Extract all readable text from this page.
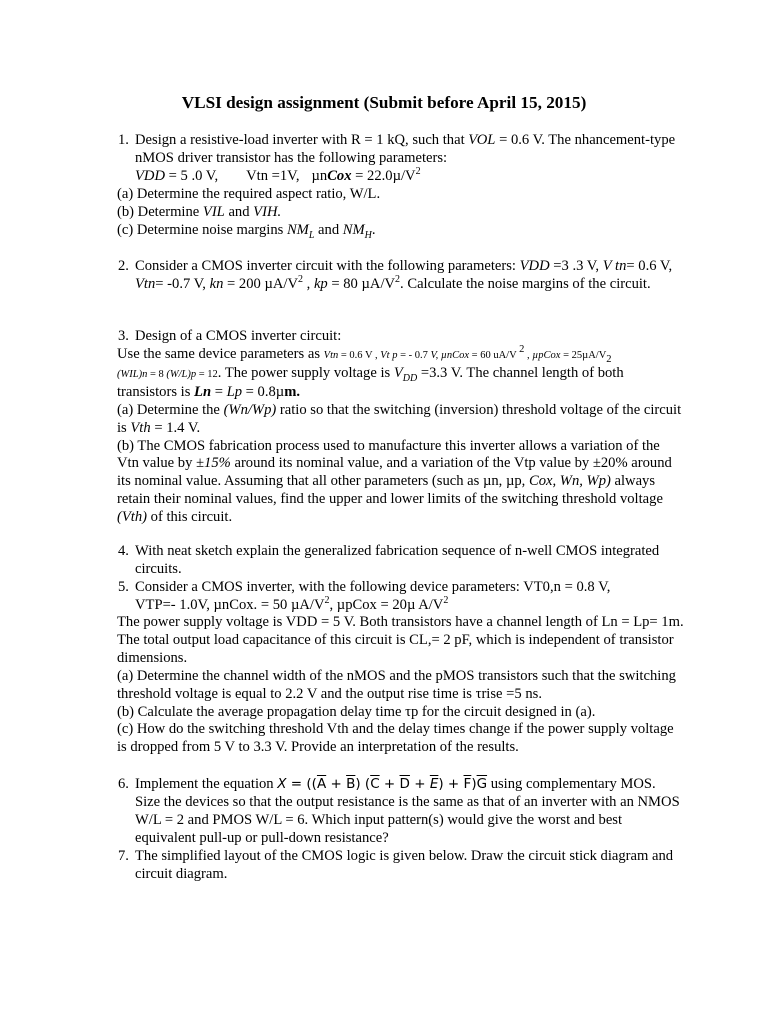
VLSI design assignment (Submit before April 15, 2015)
1. Design a resistive-load inverter with R = 1 kQ, such that VOL = 0.6 V. The nhancement-type nMOS driver transistor has the following parameters:

VDD = 5 .0 V, Vtn =1V, µnCox = $22.0\mu/V^2$

(a) Determine the required aspect ratio, W/L.
(b) Determine VIL and VIH.
(c) Determine noise margins $NM_L$ and $NM_H$.
2. Consider a CMOS inverter circuit with the following parameters: VDD =3 .3 V, V tn= 0.6 V, Vtn= -0.7 V, kn = 200 $\mu A/V^2$ , kp = 80 $\mu A/V^2$. Calculate the noise margins of the circuit.

3. Design of a CMOS inverter circuit:

Use the same device parameters as Vtn = 0.6 V , Vt p = - 0.7 V, µnCox = 60 uA/V $^2$ , µpCox = $25\mu A/V_2$

(WIL)n = 8 (W/L)p = 12. The power supply voltage is $V_{DD} =3.3$ V. The channel length of both transistors is Ln = Lp = 0.8µm.

(a) Determine the (Wn/Wp) ratio so that the switching (inversion) threshold voltage of the circuit is Vth = 1.4 V.

(b) The CMOS fabrication process used to manufacture this inverter allows a variation of the Vtn value by ±15% around its nominal value, and a variation of the Vtp value by ±20% around its nominal value. Assuming that all other parameters (such as µn, µp, Cox, Wn, Wp) always retain their nominal values, find the upper and lower limits of the switching threshold voltage (Vth) of this circuit.

4. With neat sketch explain the generalized fabrication sequence of n-well CMOS integrated circuits.

5. Consider a CMOS inverter, with the following device parameters: VT0,n = 0.8 V,

VTP=- 1.0V, µnCox. = 50 $\mu A/V^2$, µpCox = 20µ $A/V^2$

The power supply voltage is VDD = 5 V. Both transistors have a channel length of Ln = Lp= 1m. The total output load capacitance of this circuit is CL,= 2 pF, which is independent of transistor dimensions.

(a) Determine the channel width of the nMOS and the pMOS transistors such that the switching threshold voltage is equal to 2.2 V and the output rise time is τrise =5 ns.

(b) Calculate the average propagation delay time τp for the circuit designed in (a).

(c) How do the switching threshold Vth and the delay times change if the power supply voltage is dropped from 5 V to 3.3 V. Provide an interpretation of the results.

6. Implement the equation $X = ((\overline{A} + \overline{B}) (\overline{C} + \overline{D} + \overline{E}) + \overline{F})\overline{G}$ using complementary MOS. Size the devices so that the output resistance is the same as that of an inverter with an NMOS W/L = 2 and PMOS W/L = 6. Which input pattern(s) would give the worst and best equivalent pull-up or pull-down resistance?

7. The simplified layout of the CMOS logic is given below. Draw the circuit stick diagram and circuit diagram.
